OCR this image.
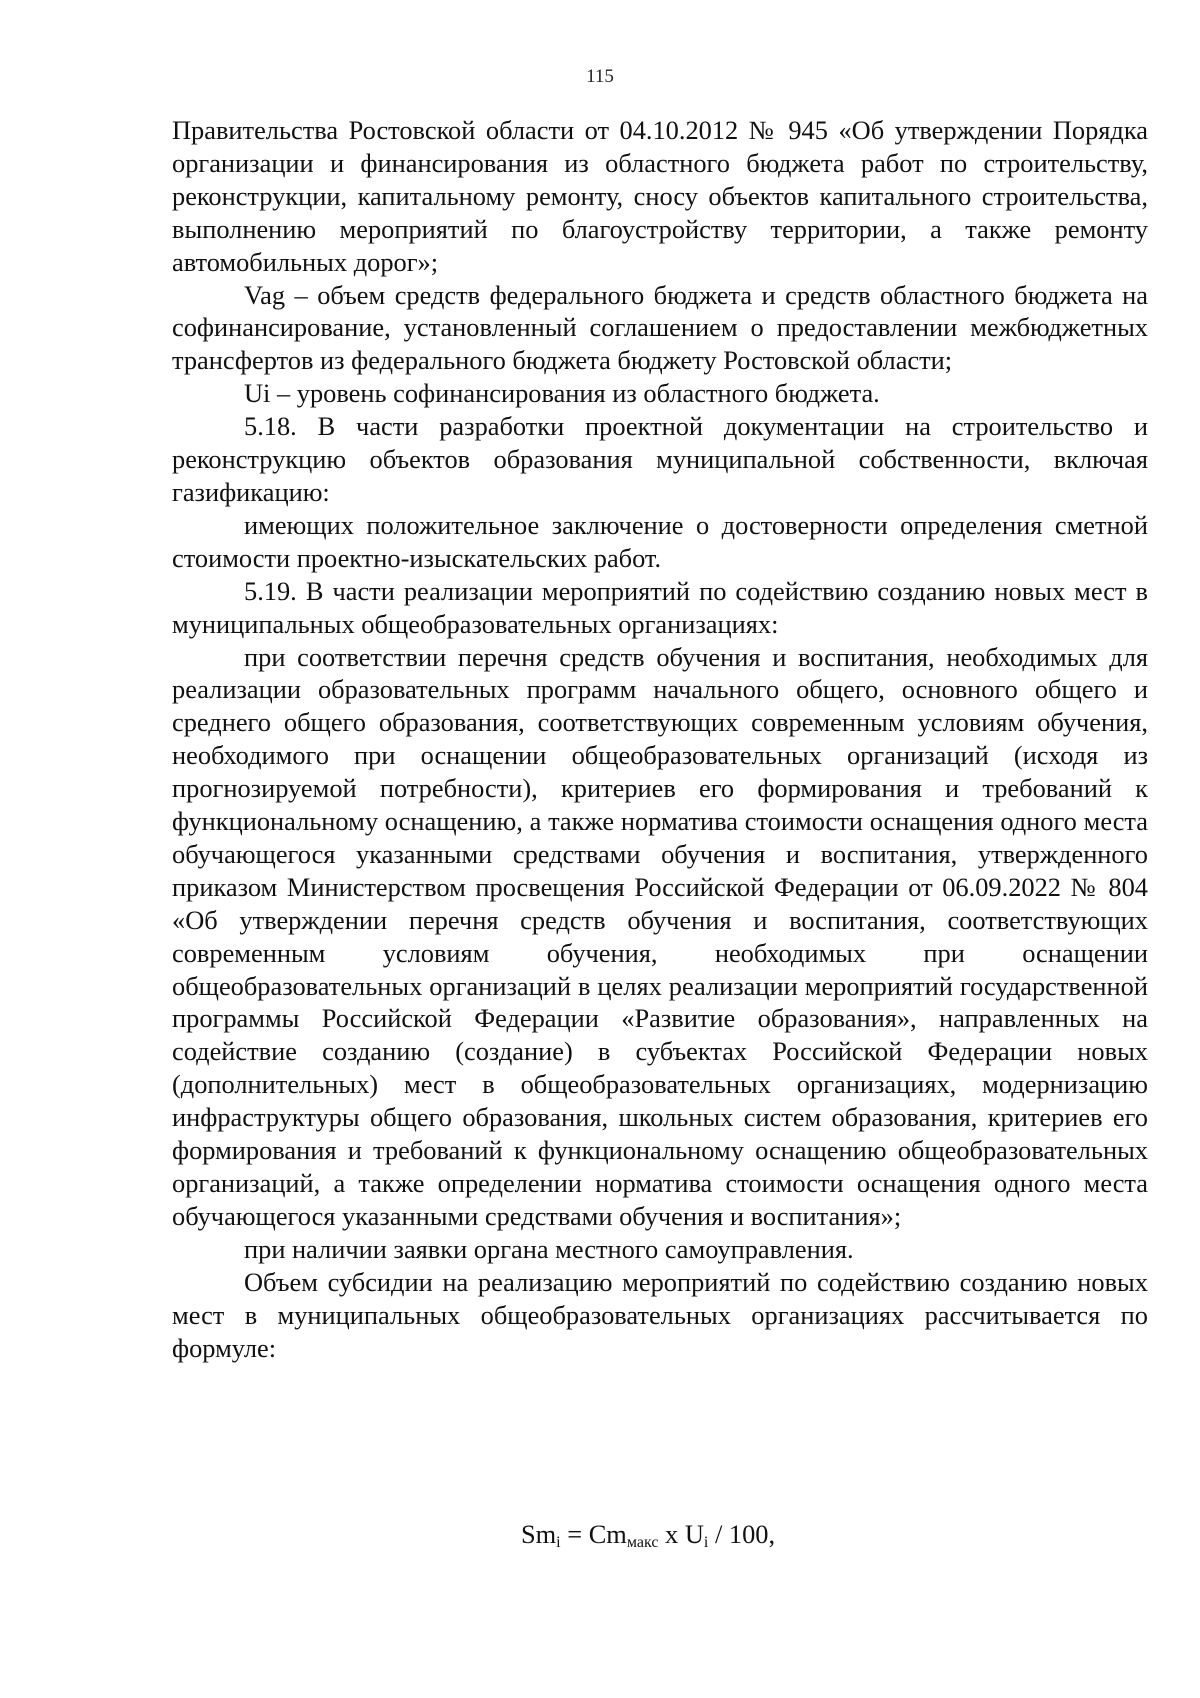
115

Правительства Ростовской области от 04.10.2012 № 945 «Об утверждении Порядка организации и финансирования из областного бюджета работ по строительству, реконструкции, капитальному ремонту, сносу объектов капитального строительства, выполнению мероприятий по благоустройству территории, а также ремонту автомобильных дорог»;

Vag – объем средств федерального бюджета и средств областного бюджета на софинансирование, установленный соглашением о предоставлении межбюджетных трансфертов из федерального бюджета бюджету Ростовской области;

Ui – уровень софинансирования из областного бюджета.

5.18. В части разработки проектной документации на строительство и реконструкцию объектов образования муниципальной собственности, включая газификацию:

имеющих положительное заключение о достоверности определения сметной стоимости проектно-изыскательских работ.

5.19. В части реализации мероприятий по содействию созданию новых мест в муниципальных общеобразовательных организациях:

при соответствии перечня средств обучения и воспитания, необходимых для реализации образовательных программ начального общего, основного общего и среднего общего образования, соответствующих современным условиям обучения, необходимого при оснащении общеобразовательных организаций (исходя из прогнозируемой потребности), критериев его формирования и требований к функциональному оснащению, а также норматива стоимости оснащения одного места обучающегося указанными средствами обучения и воспитания, утвержденного приказом Министерством просвещения Российской Федерации от 06.09.2022 № 804 «Об утверждении перечня средств обучения и воспитания, соответствующих современным условиям обучения, необходимых при оснащении общеобразовательных организаций в целях реализации мероприятий государственной программы Российской Федерации «Развитие образования», направленных на содействие созданию (создание) в субъектах Российской Федерации новых (дополнительных) мест в общеобразовательных организациях, модернизацию инфраструктуры общего образования, школьных систем образования, критериев его формирования и требований к функциональному оснащению общеобразовательных организаций, а также определении норматива стоимости оснащения одного места обучающегося указанными средствами обучения и воспитания»;

при наличии заявки органа местного самоуправления.

Объем субсидии на реализацию мероприятий по содействию созданию новых мест в муниципальных общеобразовательных организациях рассчитывается по формуле:

$Sm_i = Cm_{макс}$ x $U_i / 100$,
